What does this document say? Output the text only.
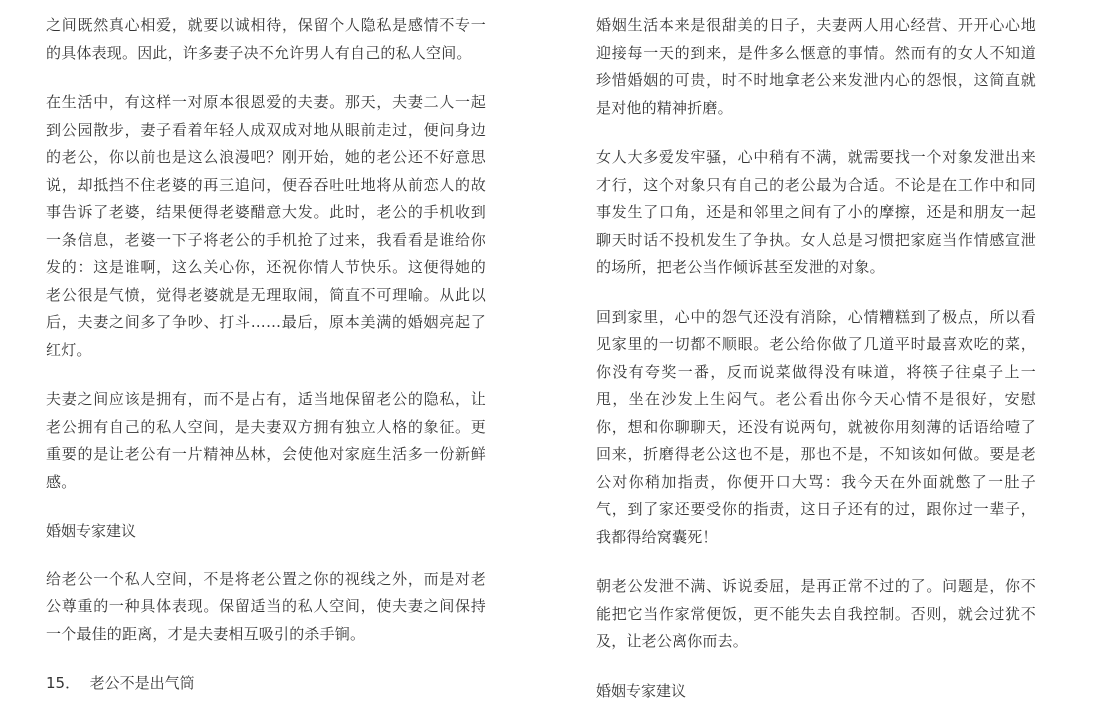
之间既然真心相爱，就要以诚相待，保留个人隐私是感情不专一的具体表现。因此，许多妻子决不允许男人有自己的私人空间。

在生活中，有这样一对原本很恩爱的夫妻。那天，夫妻二人一起到公园散步，妻子看着年轻人成双成对地从眼前走过，便问身边的老公，你以前也是这么浪漫吧？刚开始，她的老公还不好意思说，却抵挡不住老婆的再三追问，便吞吞吐吐地将从前恋人的故事告诉了老婆，结果便得老婆醋意大发。此时，老公的手机收到一条信息，老婆一下子将老公的手机抢了过来，我看看是谁给你发的：这是谁啊，这么关心你，还祝你情人节快乐。这便得她的老公很是气愤，觉得老婆就是无理取闹，简直不可理喻。从此以后，夫妻之间多了争吵、打斗……最后，原本美满的婚姻亮起了红灯。

夫妻之间应该是拥有，而不是占有，适当地保留老公的隐私，让老公拥有自己的私人空间，是夫妻双方拥有独立人格的象征。更重要的是让老公有一片精神丛林，会使他对家庭生活多一份新鲜感。

婚姻专家建议

给老公一个私人空间，不是将老公置之你的视线之外，而是对老公尊重的一种具体表现。保留适当的私人空间，使夫妻之间保持一个最佳的距离，才是夫妻相互吸引的杀手锏。

15．  老公不是出气筒

婚姻生活本来是很甜美的日子，夫妻两人用心经营、开开心心地迎接每一天的到来，是件多么惬意的事情。然而有的女人不知道珍惜婚姻的可贵，时不时地拿老公来发泄内心的怨恨，这简直就是对他的精神折磨。

女人大多爱发牢骚，心中稍有不满，就需要找一个对象发泄出来才行，这个对象只有自己的老公最为合适。不论是在工作中和同事发生了口角，还是和邻里之间有了小的摩擦，还是和朋友一起聊天时话不投机发生了争执。女人总是习惯把家庭当作情感宣泄的场所，把老公当作倾诉甚至发泄的对象。

回到家里，心中的怨气还没有消除，心情糟糕到了极点，所以看见家里的一切都不顺眼。老公给你做了几道平时最喜欢吃的菜，你没有夸奖一番，反而说菜做得没有味道，将筷子往桌子上一甩，坐在沙发上生闷气。老公看出你今天心情不是很好，安慰你，想和你聊聊天，还没有说两句，就被你用刻薄的话语给噎了回来，折磨得老公这也不是，那也不是，不知该如何做。要是老公对你稍加指责，你便开口大骂：我今天在外面就憋了一肚子气，到了家还要受你的指责，这日子还有的过，跟你过一辈子，我都得给窝囊死！

朝老公发泄不满、诉说委屈，是再正常不过的了。问题是，你不能把它当作家常便饭，更不能失去自我控制。否则，就会过犹不及，让老公离你而去。

婚姻专家建议
